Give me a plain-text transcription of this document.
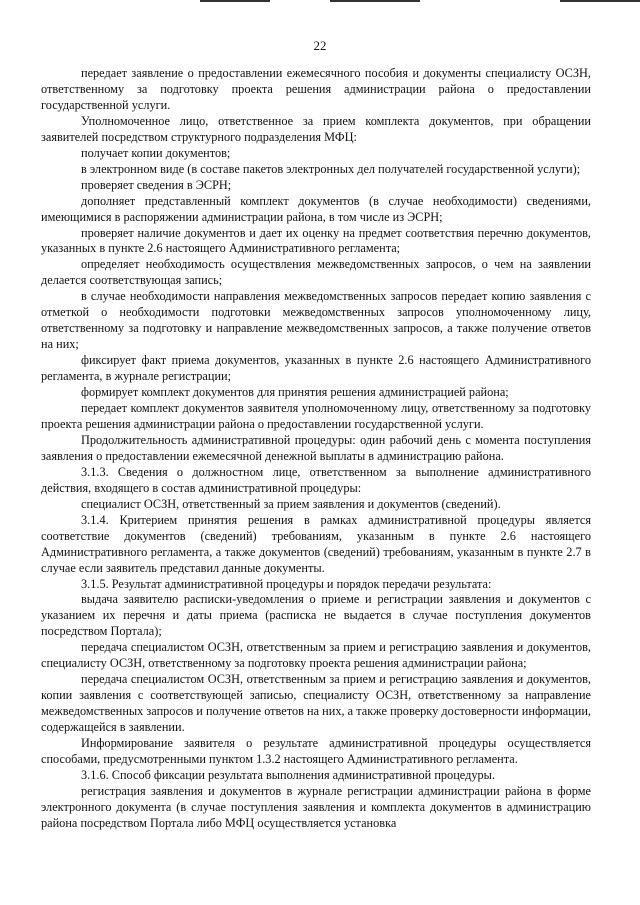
22

передает заявление о предоставлении ежемесячного пособия и документы специалисту ОСЗН, ответственному за подготовку проекта решения администрации района о предоставлении государственной услуги.

Уполномоченное лицо, ответственное за прием комплекта документов, при обращении заявителей посредством структурного подразделения МФЦ:

получает копии документов;

в электронном виде (в составе пакетов электронных дел получателей государственной услуги);

проверяет сведения в ЭСРН;

дополняет представленный комплект документов (в случае необходимости) сведениями, имеющимися в распоряжении администрации района, в том числе из ЭСРН;

проверяет наличие документов и дает их оценку на предмет соответствия перечню документов, указанных в пункте 2.6 настоящего Административного регламента;

определяет необходимость осуществления межведомственных запросов, о чем на заявлении делается соответствующая запись;

в случае необходимости направления межведомственных запросов передает копию заявления с отметкой о необходимости подготовки межведомственных запросов уполномоченному лицу, ответственному за подготовку и направление межведомственных запросов, а также получение ответов на них;

фиксирует факт приема документов, указанных в пункте 2.6 настоящего Административного регламента, в журнале регистрации;

формирует комплект документов для принятия решения администрацией района;

передает комплект документов заявителя уполномоченному лицу, ответственному за подготовку проекта решения администрации района о предоставлении государственной услуги.

Продолжительность административной процедуры: один рабочий день с момента поступления заявления о предоставлении ежемесячной денежной выплаты в администрацию района.

3.1.3. Сведения о должностном лице, ответственном за выполнение административного действия, входящего в состав административной процедуры:

специалист ОСЗН, ответственный за прием заявления и документов (сведений).

3.1.4. Критерием принятия решения в рамках административной процедуры является соответствие документов (сведений) требованиям, указанным в пункте 2.6 настоящего Административного регламента, а также документов (сведений) требованиям, указанным в пункте 2.7 в случае если заявитель представил данные документы.

3.1.5. Результат административной процедуры и порядок передачи результата:

выдача заявителю расписки-уведомления о приеме и регистрации заявления и документов с указанием их перечня и даты приема (расписка не выдается в случае поступления документов посредством Портала);

передача специалистом ОСЗН, ответственным за прием и регистрацию заявления и документов, специалисту ОСЗН, ответственному за подготовку проекта решения администрации района;

передача специалистом ОСЗН, ответственным за прием и регистрацию заявления и документов, копии заявления с соответствующей записью, специалисту ОСЗН, ответственному за направление межведомственных запросов и получение ответов на них, а также проверку достоверности информации, содержащейся в заявлении.

Информирование заявителя о результате административной процедуры осуществляется способами, предусмотренными пунктом 1.3.2 настоящего Административного регламента.

3.1.6. Способ фиксации результата выполнения административной процедуры.

регистрация заявления и документов в журнале регистрации администрации района в форме электронного документа (в случае поступления заявления и комплекта документов в администрацию района посредством Портала либо МФЦ осуществляется установка
